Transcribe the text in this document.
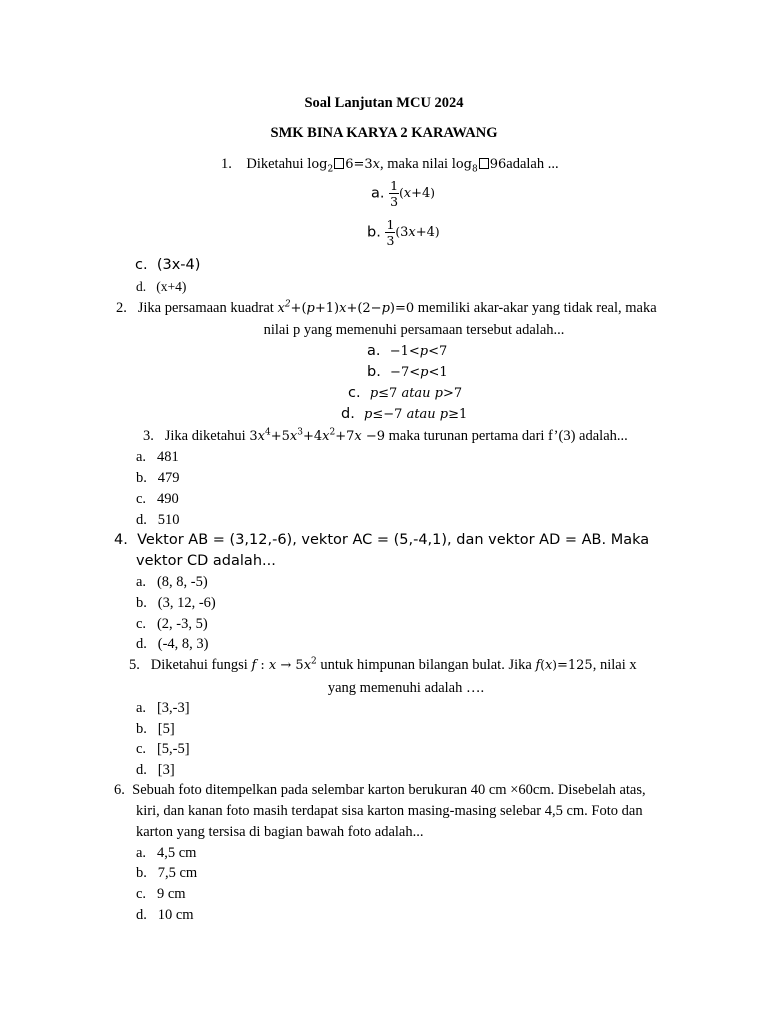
Soal Lanjutan MCU 2024
SMK BINA KARYA 2 KARAWANG
1. Diketahui $\log_2 6=3x$, maka nilai $\log_8$ 96adalah ...
a. $\frac{1}{3} (x+4)$
b. $\frac{1}{3} (3x+4)$
c. (3x-4)
d. (x+4)
2. Jika persamaan kuadrat $x^2+(p+1)x+(2-p)=0$ memiliki akar-akar yang tidak real, maka
nilai p yang memenuhi persamaan tersebut adalah...
a. −1<p<7
b. −7<p<1
c. p≤7 atau p>7
d. p≤−7 atau p≥1
3. Jika diketahui $3x^4+5x^3+4x^2+7x -9$ maka turunan pertama dari f’(3) adalah...
a. 481
b. 479
c. 490
d. 510
4. Vektor AB = (3,12,-6), vektor AC = (5,-4,1), dan vektor AD = AB. Maka
vektor CD adalah...
a. (8, 8, -5)
b. (3, 12, -6)
c. (2, -3, 5)
d. (-4, 8, 3)
5. Diketahui fungsi f : $x \to 5x^2$ untuk himpunan bilangan bulat. Jika f(x)=125, nilai x
yang memenuhi adalah ….
a. [3,-3]
b. [5]
c. [5,-5]
d. [3]
6. Sebuah foto ditempelkan pada selembar karton berukuran 40 cm ×60cm. Disebelah atas,
kiri, dan kanan foto masih terdapat sisa karton masing-masing selebar 4,5 cm. Foto dan
karton yang tersisa di bagian bawah foto adalah...
a. 4,5 cm
b. 7,5 cm
c. 9 cm
d. 10 cm
